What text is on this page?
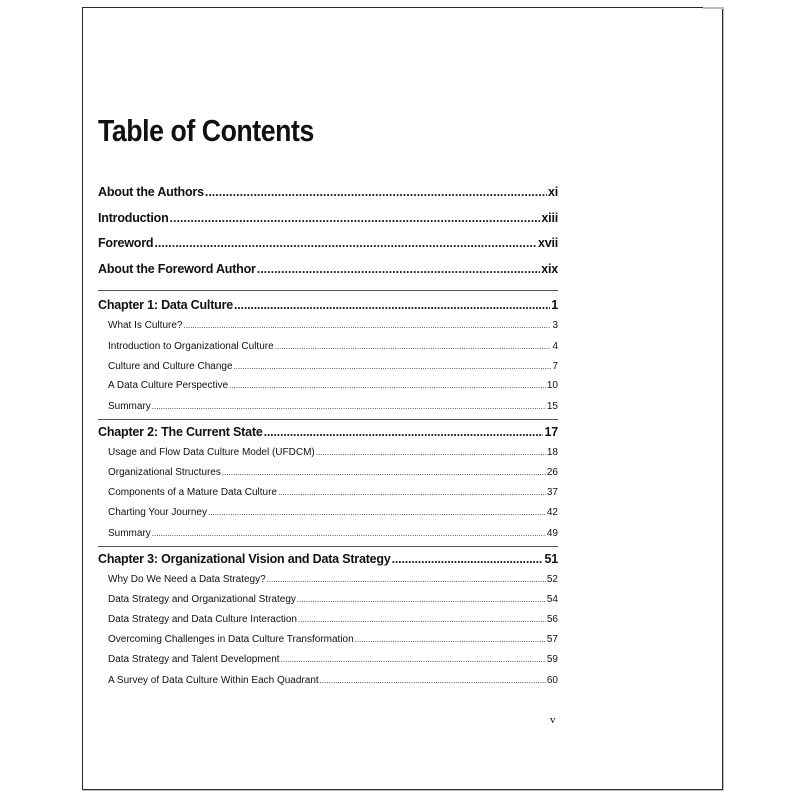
Table of Contents
About the Authors .....	xi
Introduction .....	xiii
Foreword .....	xvii
About the Foreword Author .....	xix
Chapter 1: Data Culture .....	1
What Is Culture? .....	3
Introduction to Organizational Culture .....	4
Culture and Culture Change .....	7
A Data Culture Perspective .....	10
Summary .....	15
Chapter 2: The Current State .....	17
Usage and Flow Data Culture Model (UFDCM) .....	18
Organizational Structures .....	26
Components of a Mature Data Culture .....	37
Charting Your Journey .....	42
Summary .....	49
Chapter 3: Organizational Vision and Data Strategy .....	51
Why Do We Need a Data Strategy? .....	52
Data Strategy and Organizational Strategy .....	54
Data Strategy and Data Culture Interaction .....	56
Overcoming Challenges in Data Culture Transformation .....	57
Data Strategy and Talent Development .....	59
A Survey of Data Culture Within Each Quadrant .....	60
v
